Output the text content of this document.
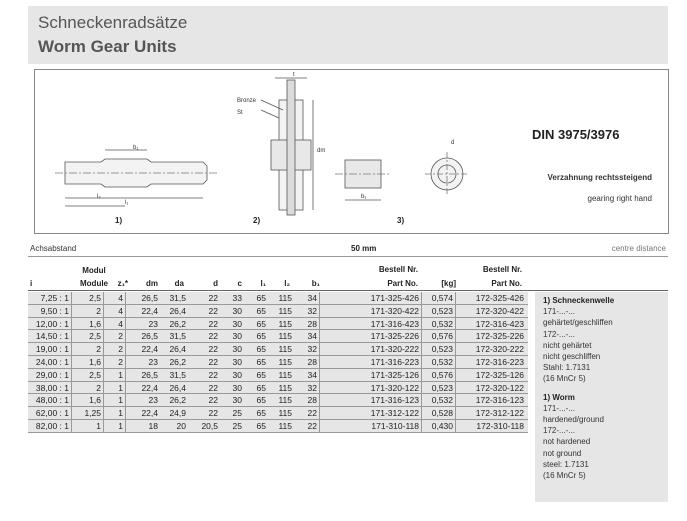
Schneckenradsätze
Worm Gear Units
b₁
l₁
l₂
Bronze
St
t
dm
b₁
d
1)	2)	3)
DIN 3975/3976
Verzahnung rechtssteigend
gearing right hand
Achsabstand	50 mm	centre distance
i
Modul
Module	z₁*	dm	da	d	c	l₁	l₂	b₁
Bestell Nr.
Part No.	[kg]
Bestell Nr.
Part No.
7,25 : 1	2,5	4	26,5	31,5	22	33	65	115	34	171-325-426	0,574	172-325-426
9,50 : 1	2	4	22,4	26,4	22	30	65	115	32	171-320-422	0,523	172-320-422
12,00 : 1	1,6	4	23	26,2	22	30	65	115	28	171-316-423	0,532	172-316-423
14,50 : 1	2,5	2	26,5	31,5	22	30	65	115	34	171-325-226	0,576	172-325-226
19,00 : 1	2	2	22,4	26,4	22	30	65	115	32	171-320-222	0,523	172-320-222
24,00 : 1	1,6	2	23	26,2	22	30	65	115	28	171-316-223	0,532	172-316-223
29,00 : 1	2,5	1	26,5	31,5	22	30	65	115	34	171-325-126	0,576	172-325-126
38,00 : 1	2	1	22,4	26,4	22	30	65	115	32	171-320-122	0,523	172-320-122
48,00 : 1	1,6	1	23	26,2	22	30	65	115	28	171-316-123	0,532	172-316-123
62,00 : 1	1,25	1	22,4	24,9	22	25	65	115	22	171-312-122	0,528	172-312-122
82,00 : 1	1	1	18	20	20,5	25	65	115	22	171-310-118	0,430	172-310-118
1) Schneckenwelle
171-...-...
gehärtet/geschliffen
172-...-...
nicht gehärtet
nicht geschliffen
Stahl: 1.7131
(16 MnCr 5)
1) Worm
171-...-...
hardened/ground
172-...-...
not hardened
not ground
steel: 1.7131
(16 MnCr 5)
